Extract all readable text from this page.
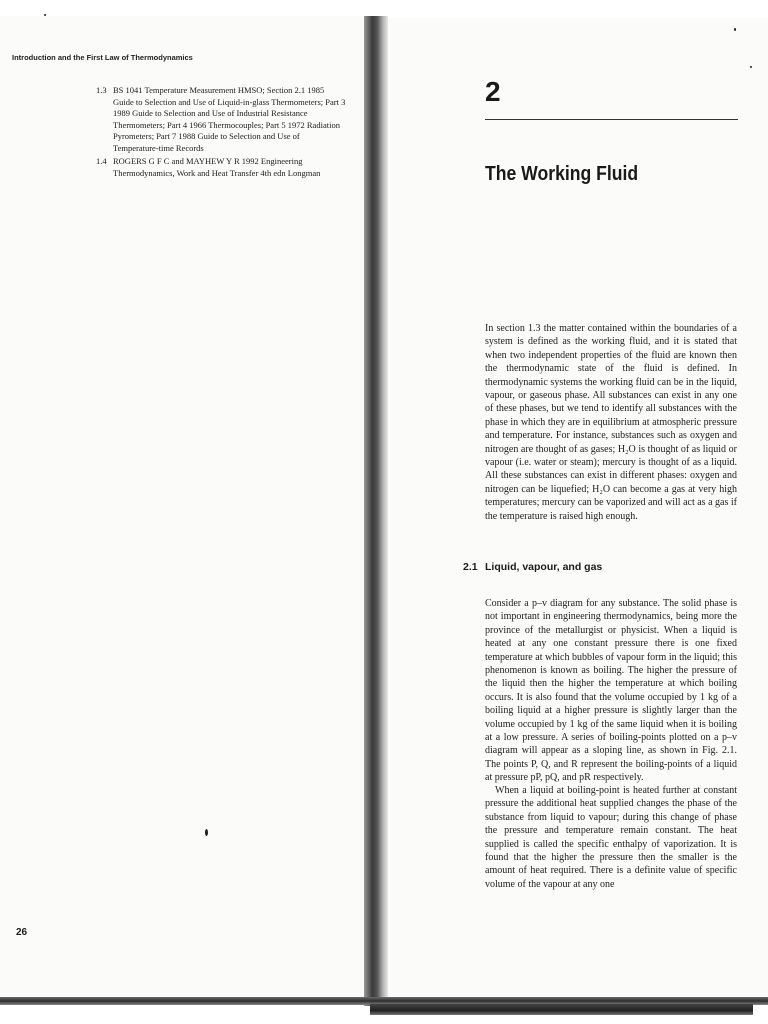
Introduction and the First Law of Thermodynamics
1.3 BS 1041 Temperature Measurement HMSO; Section 2.1 1985 Guide to Selection and Use of Liquid-in-glass Thermometers; Part 3 1989 Guide to Selection and Use of Industrial Resistance Thermometers; Part 4 1966 Thermocouples; Part 5 1972 Radiation Pyrometers; Part 7 1988 Guide to Selection and Use of Temperature-time Records
1.4 ROGERS G F C and MAYHEW Y R 1992 Engineering Thermodynamics, Work and Heat Transfer 4th edn Longman
26
2
The Working Fluid
In section 1.3 the matter contained within the boundaries of a system is defined as the working fluid, and it is stated that when two independent properties of the fluid are known then the thermodynamic state of the fluid is defined. In thermodynamic systems the working fluid can be in the liquid, vapour, or gaseous phase. All substances can exist in any one of these phases, but we tend to identify all substances with the phase in which they are in equilibrium at atmospheric pressure and temperature. For instance, substances such as oxygen and nitrogen are thought of as gases; H₂O is thought of as liquid or vapour (i.e. water or steam); mercury is thought of as a liquid. All these substances can exist in different phases: oxygen and nitrogen can be liquefied; H₂O can become a gas at very high temperatures; mercury can be vaporized and will act as a gas if the temperature is raised high enough.
2.1 Liquid, vapour, and gas
Consider a p–v diagram for any substance. The solid phase is not important in engineering thermodynamics, being more the province of the metallurgist or physicist. When a liquid is heated at any one constant pressure there is one fixed temperature at which bubbles of vapour form in the liquid; this phenomenon is known as boiling. The higher the pressure of the liquid then the higher the temperature at which boiling occurs. It is also found that the volume occupied by 1 kg of a boiling liquid at a higher pressure is slightly larger than the volume occupied by 1 kg of the same liquid when it is boiling at a low pressure. A series of boiling-points plotted on a p–v diagram will appear as a sloping line, as shown in Fig. 2.1. The points P, Q, and R represent the boiling-points of a liquid at pressure pP, pQ, and pR respectively.
When a liquid at boiling-point is heated further at constant pressure the additional heat supplied changes the phase of the substance from liquid to vapour; during this change of phase the pressure and temperature remain constant. The heat supplied is called the specific enthalpy of vaporization. It is found that the higher the pressure then the smaller is the amount of heat required. There is a definite value of specific volume of the vapour at any one
